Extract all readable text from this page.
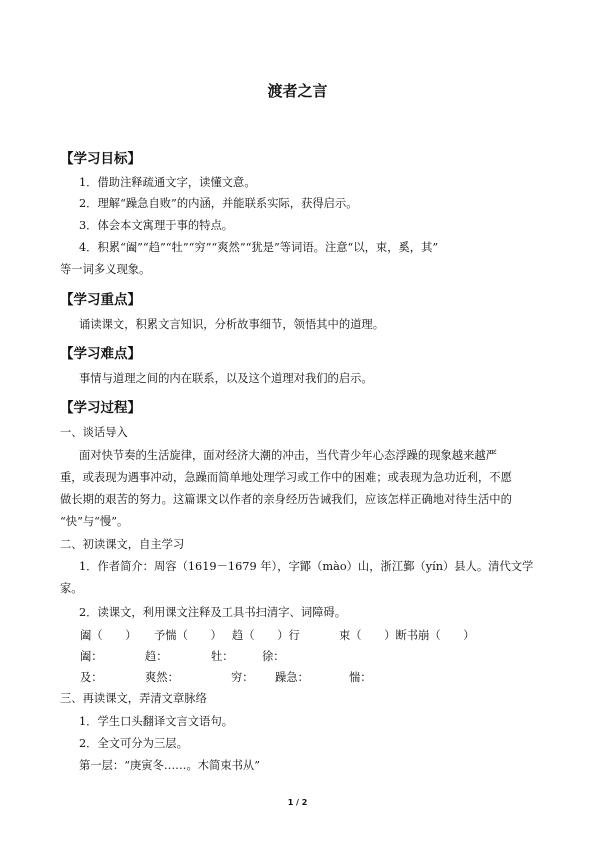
渡者之言
【学习目标】
1．借助注释疏通文字，读懂文意。
2．理解“躁急自败”的内涵，并能联系实际，获得启示。
3．体会本文寓理于事的特点。
4．积累“阖”“趋”“牡”“穷”“爽然”“犹是”等词语。注意“以，束，奚，其”
等一词多义现象。
【学习重点】
诵读课文，积累文言知识，分析故事细节，领悟其中的道理。
【学习难点】
事情与道理之间的内在联系，以及这个道理对我们的启示。
【学习过程】
一、谈话导入
面对快节奏的生活旋律，面对经济大潮的冲击，当代青少年心态浮躁的现象越来越严
重，或表现为遇事冲动，急躁而简单地处理学习或工作中的困难；或表现为急功近利，不愿
做长期的艰苦的努力。这篇课文以作者的亲身经历告诫我们，应该怎样正确地对待生活中的
“快”与“慢”。
二、初读课文，自主学习
1．作者简介：周容（1619－1679 年），字鄮（mào）山，浙江鄞（yín）县人。清代文学
家。
2．读课文，利用课文注释及工具书扫清字、词障碍。
阖（　　） 予惴（　　） 趋（　　）行	束（　　）断书崩（　　）
阖：	趋：	牡：	徐：
及：	爽然：	穷： 躁急：	惴：
三、再读课文，弄清文章脉络
1．学生口头翻译文言文语句。
2．全文可分为三层。
第一层：“庚寅冬……。木简束书从”
1 / 2
